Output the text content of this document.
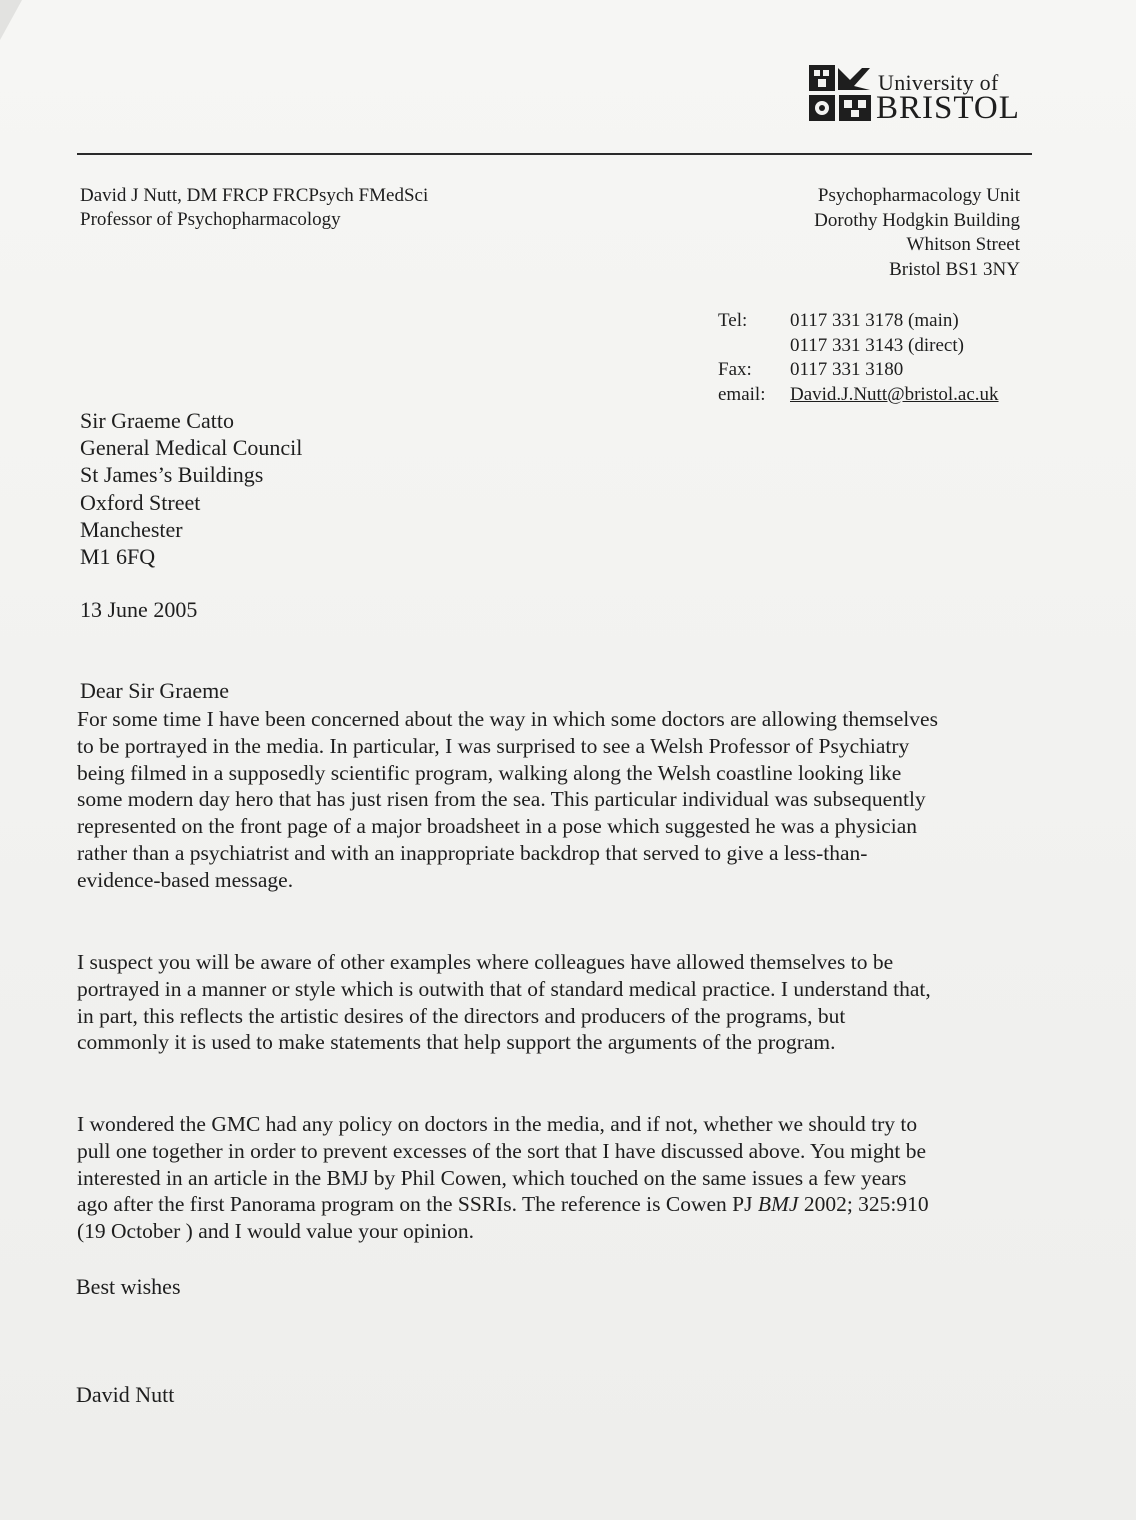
University of
BRISTOL
David J Nutt, DM FRCP FRCPsych FMedSci
Professor of Psychopharmacology
Psychopharmacology Unit
Dorothy Hodgkin Building
Whitson Street
Bristol BS1 3NY
Tel: 0117 331 3178 (main)
0117 331 3143 (direct)
Fax: 0117 331 3180
email: David.J.Nutt@bristol.ac.uk
Sir Graeme Catto
General Medical Council
St James’s Buildings
Oxford Street
Manchester
M1 6FQ
13 June 2005
Dear Sir Graeme
For some time I have been concerned about the way in which some doctors are allowing themselves
to be portrayed in the media. In particular, I was surprised to see a Welsh Professor of Psychiatry
being filmed in a supposedly scientific program, walking along the Welsh coastline looking like
some modern day hero that has just risen from the sea. This particular individual was subsequently
represented on the front page of a major broadsheet in a pose which suggested he was a physician
rather than a psychiatrist and with an inappropriate backdrop that served to give a less-than-
evidence-based message.
I suspect you will be aware of other examples where colleagues have allowed themselves to be
portrayed in a manner or style which is outwith that of standard medical practice. I understand that,
in part, this reflects the artistic desires of the directors and producers of the programs, but
commonly it is used to make statements that help support the arguments of the program.
I wondered the GMC had any policy on doctors in the media, and if not, whether we should try to
pull one together in order to prevent excesses of the sort that I have discussed above. You might be
interested in an article in the BMJ by Phil Cowen, which touched on the same issues a few years
ago after the first Panorama program on the SSRIs. The reference is Cowen PJ BMJ 2002; 325:910
(19 October ) and I would value your opinion.
Best wishes
David Nutt
